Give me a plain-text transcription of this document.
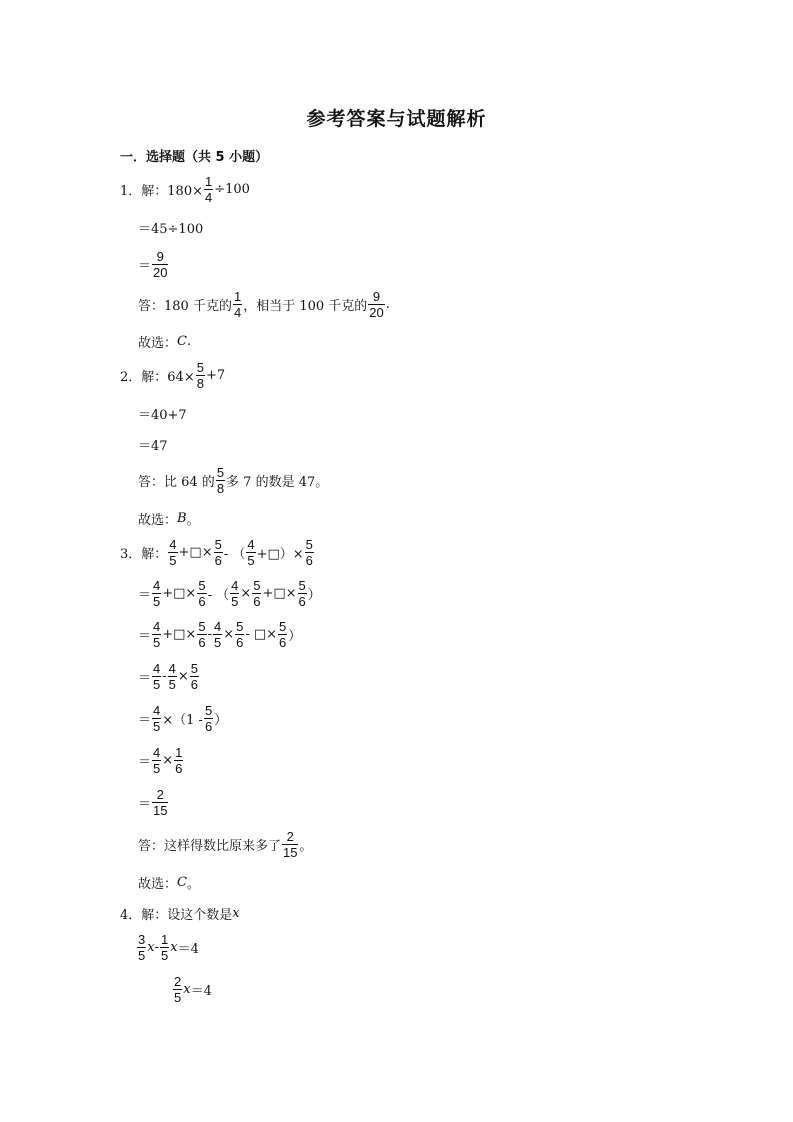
参考答案与试题解析
一．选择题（共 5 小题）
1．解：$180\times \frac{1}{4} \div 100$
＝45÷100
＝ $\frac{9}{20}$
答：180 千克的 $\frac{1}{4}$ ，相当于 100 千克的 $\frac{9}{20}$ .
故选： C .
2．解：$64\times \frac{5}{8} +7$
＝40+7
＝47
答：比 64 的 $\frac{5}{8}$ 多 7 的数是 47。
故选： B 。
3．解： $\frac{4}{5}$ +□× $\frac{5}{6}$ - （ $\frac{4}{5}$ +□）× $\frac{5}{6}$
＝ $\frac{4}{5}$ +□× $\frac{5}{6}$ - （ $\frac{4}{5} \times \frac{5}{6}$ +□× $\frac{5}{6}$ ）
＝ $\frac{4}{5}$ +□× $\frac{5}{6} - \frac{4}{5} \times \frac{5}{6}$ - □× $\frac{5}{6}$ ）
＝ $\frac{4}{5} - \frac{4}{5} \times \frac{5}{6}$
＝ $\frac{4}{5} \times(1 - \frac{5}{6}$ ）
＝ $\frac{4}{5} \times \frac{1}{6}$
＝ $\frac{2}{15}$
答：这样得数比原来多了 $\frac{2}{15}$ 。
故选： C 。
4．解：设这个数是 x
$\frac{3}{5}$ x - $\frac{1}{5}$ x ＝4
$\frac{2}{5}$ x ＝4
